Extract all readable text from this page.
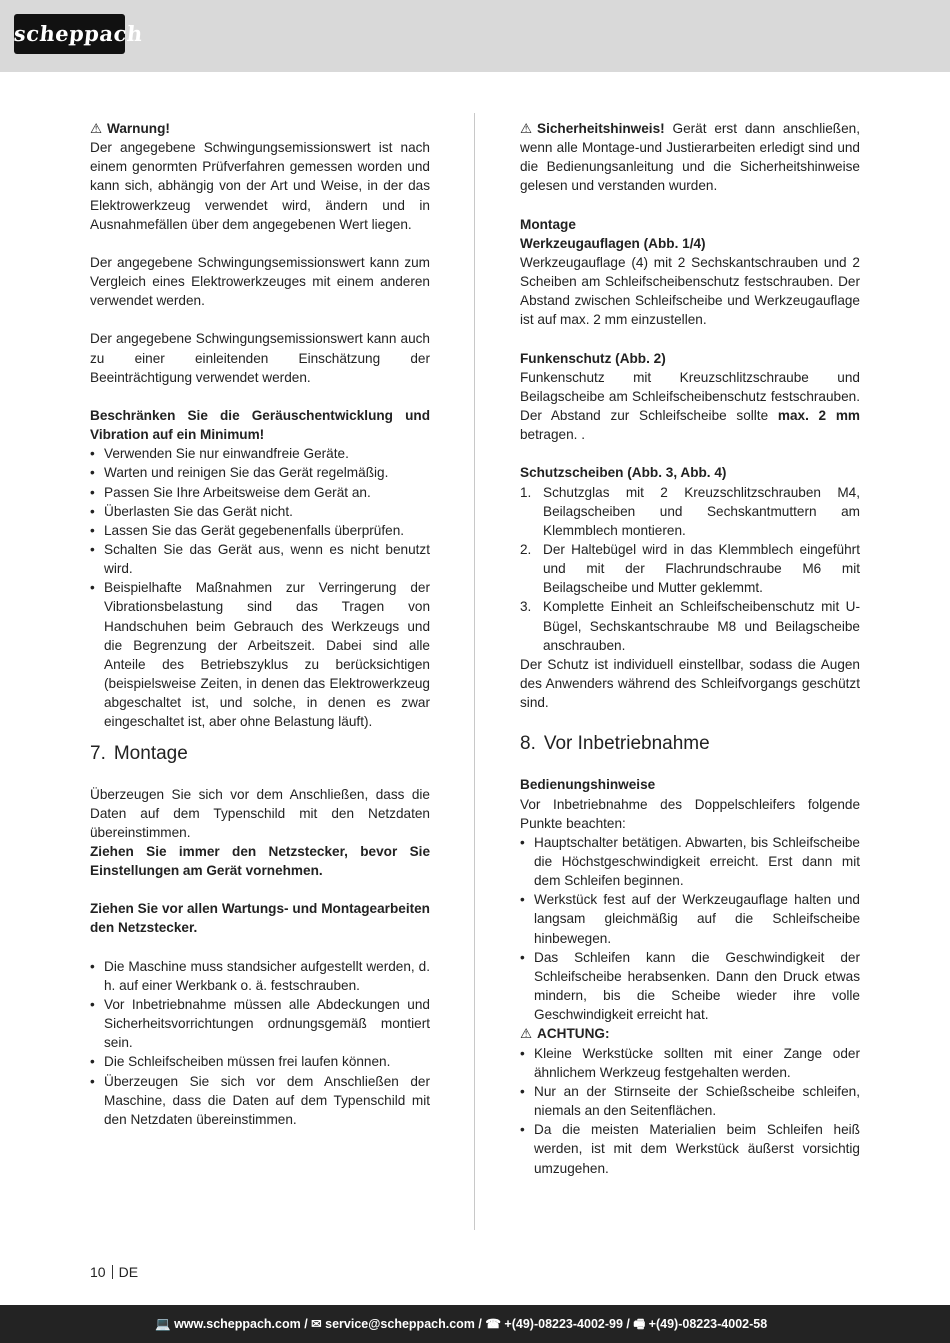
scheppach

⚠ Warnung!
Der angegebene Schwingungsemissionswert ist nach einem genormten Prüfverfahren gemessen worden und kann sich, abhängig von der Art und Weise, in der das Elektrowerkzeug verwendet wird, ändern und in Ausnahmefällen über dem angegebenen Wert liegen.

Der angegebene Schwingungsemissionswert kann zum Vergleich eines Elektrowerkzeuges mit einem anderen verwendet werden.

Der angegebene Schwingungsemissionswert kann auch zu einer einleitenden Einschätzung der Beeinträchtigung verwendet werden.

Beschränken Sie die Geräuschentwicklung und Vibration auf ein Minimum!

• Verwenden Sie nur einwandfreie Geräte.
• Warten und reinigen Sie das Gerät regelmäßig.
• Passen Sie Ihre Arbeitsweise dem Gerät an.
• Überlasten Sie das Gerät nicht.
• Lassen Sie das Gerät gegebenenfalls überprüfen.
• Schalten Sie das Gerät aus, wenn es nicht benutzt wird.
• Beispielhafte Maßnahmen zur Verringerung der Vibrationsbelastung sind das Tragen von Handschuhen beim Gebrauch des Werkzeugs und die Begrenzung der Arbeitszeit. Dabei sind alle Anteile des Betriebszyklus zu berücksichtigen (beispielsweise Zeiten, in denen das Elektrowerkzeug abgeschaltet ist, und solche, in denen es zwar eingeschaltet ist, aber ohne Belastung läuft).
7. Montage

Überzeugen Sie sich vor dem Anschließen, dass die Daten auf dem Typenschild mit den Netzdaten übereinstimmen.

Ziehen Sie immer den Netzstecker, bevor Sie Einstellungen am Gerät vornehmen.

Ziehen Sie vor allen Wartungs- und Montagearbeiten den Netzstecker.

• Die Maschine muss standsicher aufgestellt werden, d. h. auf einer Werkbank o. ä. festschrauben.
• Vor Inbetriebnahme müssen alle Abdeckungen und Sicherheitsvorrichtungen ordnungsgemäß montiert sein.
• Die Schleifscheiben müssen frei laufen können.
• Überzeugen Sie sich vor dem Anschließen der Maschine, dass die Daten auf dem Typenschild mit den Netzdaten übereinstimmen.

⚠ Sicherheitshinweis! Gerät erst dann anschließen, wenn alle Montage-und Justierarbeiten erledigt sind und die Bedienungsanleitung und die Sicherheitshinweise gelesen und verstanden wurden.

Montage

Werkzeugauflagen (Abb. 1/4)

Werkzeugauflage (4) mit 2 Sechskantschrauben und 2 Scheiben am Schleifscheibenschutz festschrauben. Der Abstand zwischen Schleifscheibe und Werkzeugauflage ist auf max. 2 mm einzustellen.

Funkenschutz (Abb. 2)

Funkenschutz mit Kreuzschlitzschraube und Beilagscheibe am Schleifscheibenschutz festschrauben. Der Abstand zur Schleifscheibe sollte max. 2 mm betragen. .

Schutzscheiben (Abb. 3, Abb. 4)

1. Schutzglas mit 2 Kreuzschlitzschrauben M4, Beilagscheiben und Sechskantmuttern am Klemmblech montieren.
2. Der Haltebügel wird in das Klemmblech eingeführt und mit der Flachrundschraube M6 mit Beilagscheibe und Mutter geklemmt.
3. Komplette Einheit an Schleifscheibenschutz mit U-Bügel, Sechskantschraube M8 und Beilagscheibe anschrauben.

Der Schutz ist individuell einstellbar, sodass die Augen des Anwenders während des Schleifvorgangs geschützt sind.

8. Vor Inbetriebnahme

Bedienungshinweise

Vor Inbetriebnahme des Doppelschleifers folgende Punkte beachten:

• Hauptschalter betätigen. Abwarten, bis Schleifscheibe die Höchstgeschwindigkeit erreicht. Erst dann mit dem Schleifen beginnen.
• Werkstück fest auf der Werkzeugauflage halten und langsam gleichmäßig auf die Schleifscheibe hinbewegen.
• Das Schleifen kann die Geschwindigkeit der Schleifscheibe herabsenken. Dann den Druck etwas mindern, bis die Scheibe wieder ihre volle Geschwindigkeit erreicht hat.

⚠ ACHTUNG:

• Kleine Werkstücke sollten mit einer Zange oder ähnlichem Werkzeug festgehalten werden.
• Nur an der Stirnseite der Schießscheibe schleifen, niemals an den Seitenflächen.
• Da die meisten Materialien beim Schleifen heiß werden, ist mit dem Werkstück äußerst vorsichtig umzugehen.
10 DE
💻 www.scheppach.com / ✉ service@scheppach.com / ☎ +(49)-08223-4002-99 / 🖷 +(49)-08223-4002-58
